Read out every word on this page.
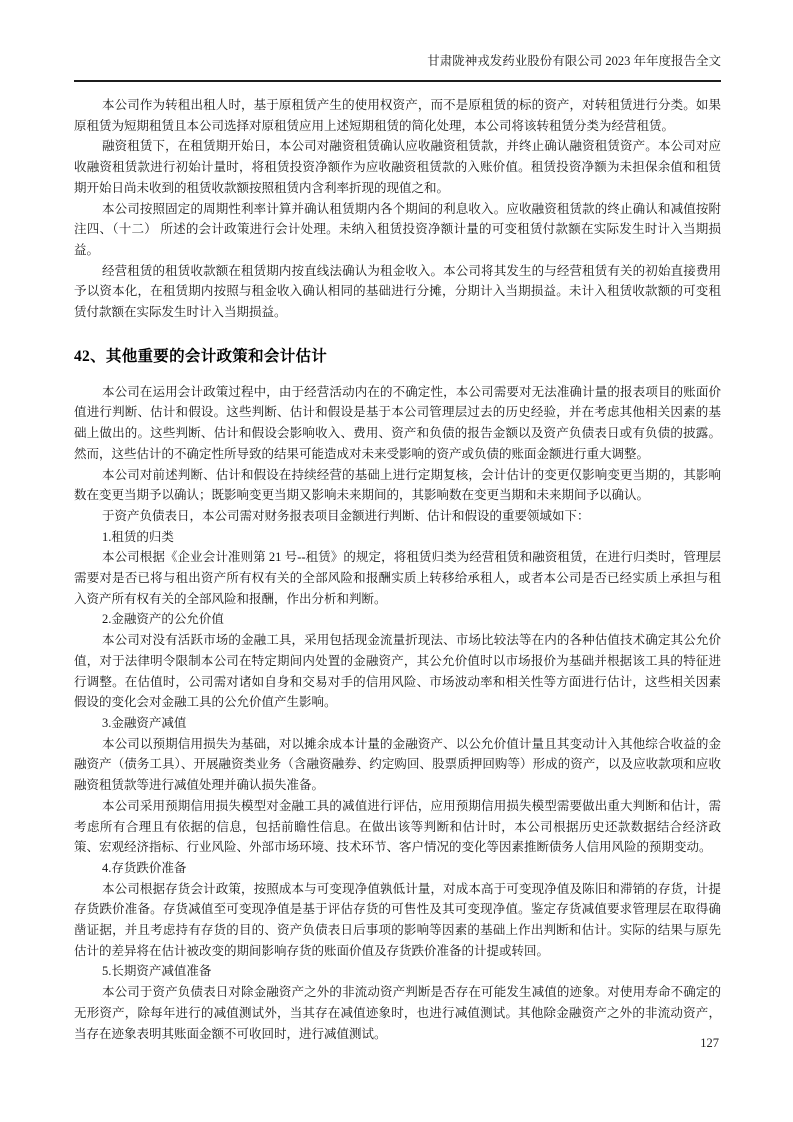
甘肃陇神戎发药业股份有限公司 2023 年年度报告全文

本公司作为转租出租人时，基于原租赁产生的使用权资产，而不是原租赁的标的资产，对转租赁进行分类。如果原租赁为短期租赁且本公司选择对原租赁应用上述短期租赁的简化处理，本公司将该转租赁分类为经营租赁。

融资租赁下，在租赁期开始日，本公司对融资租赁确认应收融资租赁款，并终止确认融资租赁资产。本公司对应收融资租赁款进行初始计量时，将租赁投资净额作为应收融资租赁款的入账价值。租赁投资净额为未担保余值和租赁期开始日尚未收到的租赁收款额按照租赁内含利率折现的现值之和。

本公司按照固定的周期性利率计算并确认租赁期内各个期间的利息收入。应收融资租赁款的终止确认和减值按附注四、（十二） 所述的会计政策进行会计处理。未纳入租赁投资净额计量的可变租赁付款额在实际发生时计入当期损益。

经营租赁的租赁收款额在租赁期内按直线法确认为租金收入。本公司将其发生的与经营租赁有关的初始直接费用予以资本化，在租赁期内按照与租金收入确认相同的基础进行分摊，分期计入当期损益。未计入租赁收款额的可变租赁付款额在实际发生时计入当期损益。

42、其他重要的会计政策和会计估计

本公司在运用会计政策过程中，由于经营活动内在的不确定性，本公司需要对无法准确计量的报表项目的账面价值进行判断、估计和假设。这些判断、估计和假设是基于本公司管理层过去的历史经验，并在考虑其他相关因素的基础上做出的。这些判断、估计和假设会影响收入、费用、资产和负债的报告金额以及资产负债表日或有负债的披露。然而，这些估计的不确定性所导致的结果可能造成对未来受影响的资产或负债的账面金额进行重大调整。

本公司对前述判断、估计和假设在持续经营的基础上进行定期复核，会计估计的变更仅影响变更当期的，其影响数在变更当期予以确认；既影响变更当期又影响未来期间的，其影响数在变更当期和未来期间予以确认。

于资产负债表日，本公司需对财务报表项目金额进行判断、估计和假设的重要领域如下：

1.租赁的归类

本公司根据《企业会计准则第 21 号--租赁》的规定，将租赁归类为经营租赁和融资租赁，在进行归类时，管理层需要对是否已将与租出资产所有权有关的全部风险和报酬实质上转移给承租人，或者本公司是否已经实质上承担与租入资产所有权有关的全部风险和报酬，作出分析和判断。

2.金融资产的公允价值

本公司对没有活跃市场的金融工具，采用包括现金流量折现法、市场比较法等在内的各种估值技术确定其公允价值，对于法律明令限制本公司在特定期间内处置的金融资产，其公允价值时以市场报价为基础并根据该工具的特征进行调整。在估值时，公司需对诸如自身和交易对手的信用风险、市场波动率和相关性等方面进行估计，这些相关因素假设的变化会对金融工具的公允价值产生影响。

3.金融资产减值

本公司以预期信用损失为基础，对以摊余成本计量的金融资产、以公允价值计量且其变动计入其他综合收益的金融资产（债务工具）、开展融资类业务（含融资融券、约定购回、股票质押回购等）形成的资产，以及应收款项和应收融资租赁款等进行减值处理并确认损失准备。

本公司采用预期信用损失模型对金融工具的减值进行评估，应用预期信用损失模型需要做出重大判断和估计，需考虑所有合理且有依据的信息，包括前瞻性信息。在做出该等判断和估计时，本公司根据历史还款数据结合经济政策、宏观经济指标、行业风险、外部市场环境、技术环节、客户情况的变化等因素推断债务人信用风险的预期变动。

4.存货跌价准备

本公司根据存货会计政策，按照成本与可变现净值孰低计量，对成本高于可变现净值及陈旧和滞销的存货，计提存货跌价准备。存货减值至可变现净值是基于评估存货的可售性及其可变现净值。鉴定存货减值要求管理层在取得确凿证据，并且考虑持有存货的目的、资产负债表日后事项的影响等因素的基础上作出判断和估计。实际的结果与原先估计的差异将在估计被改变的期间影响存货的账面价值及存货跌价准备的计提或转回。

5.长期资产减值准备

本公司于资产负债表日对除金融资产之外的非流动资产判断是否存在可能发生减值的迹象。对使用寿命不确定的无形资产，除每年进行的减值测试外，当其存在减值迹象时，也进行减值测试。其他除金融资产之外的非流动资产，当存在迹象表明其账面金额不可收回时，进行减值测试。

127
